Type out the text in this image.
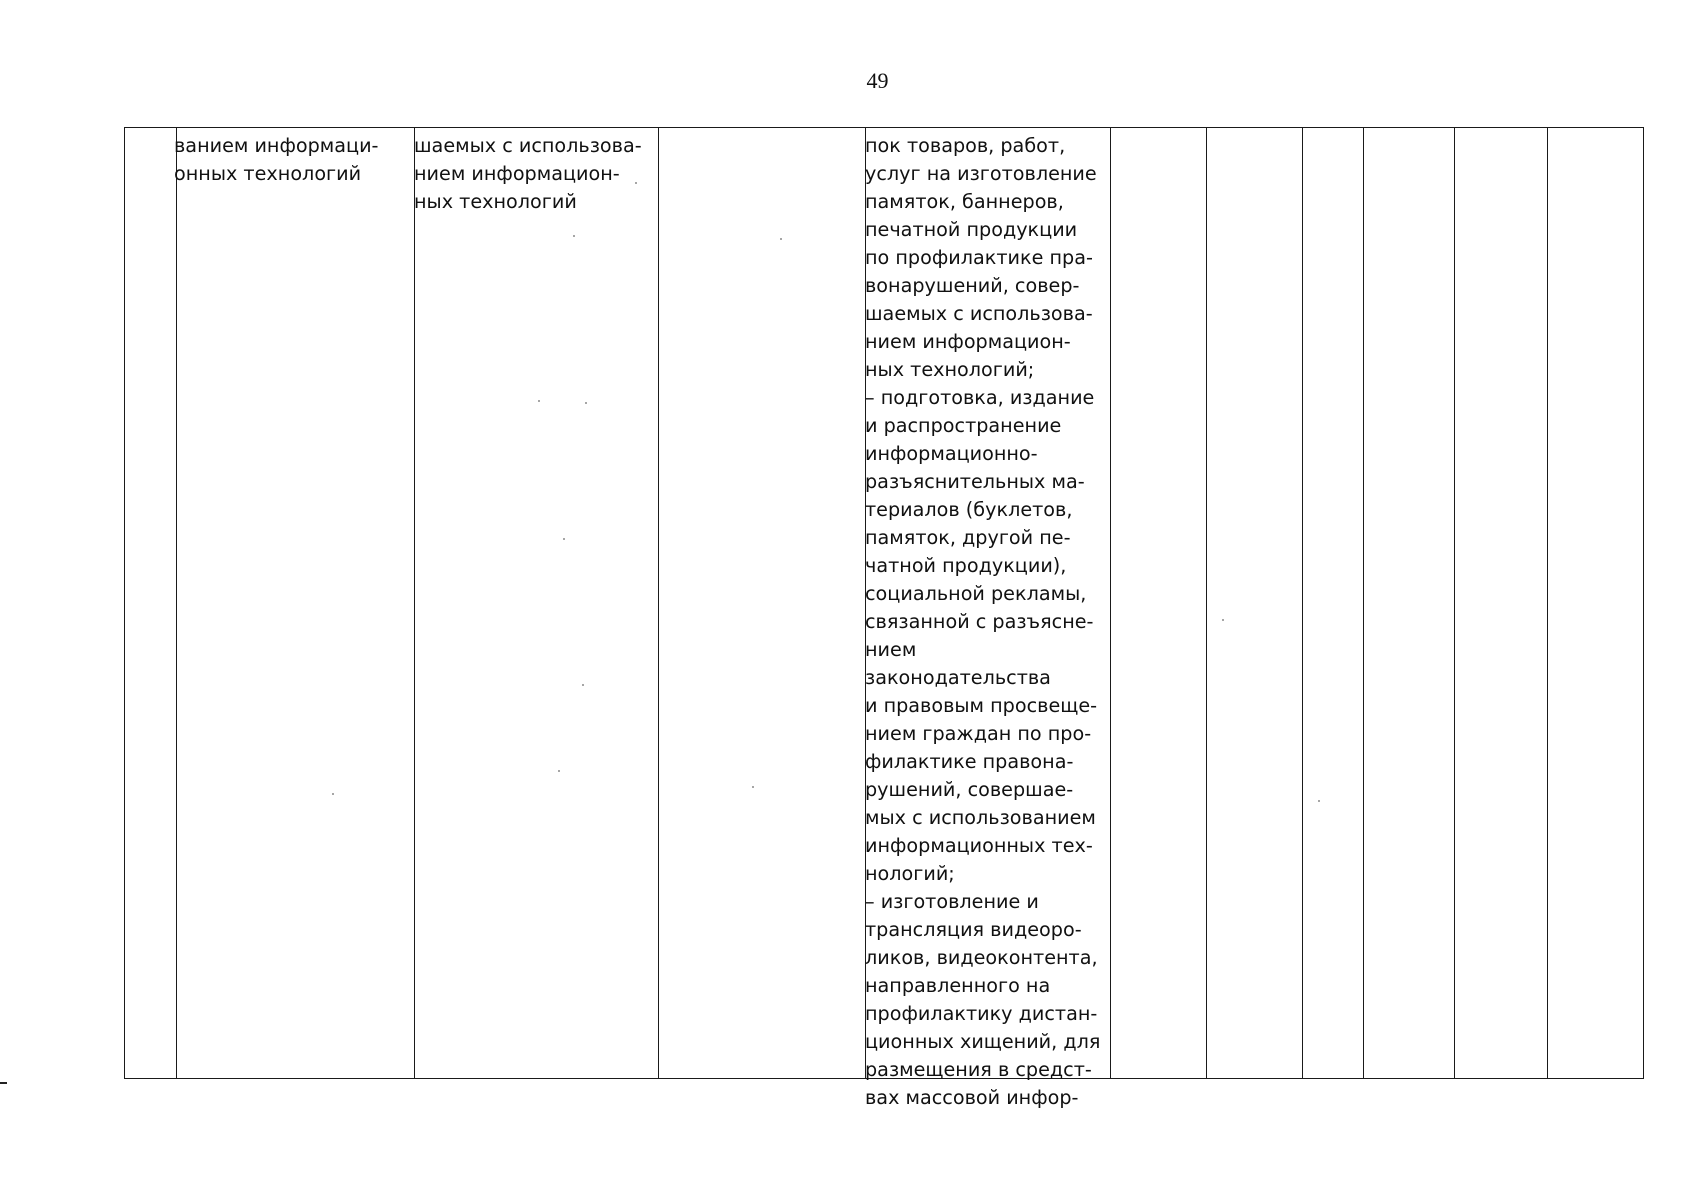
49
ванием информаци-
онных технологий
шаемых с использова-
нием информацион-
ных технологий
пок товаров, работ,
услуг на изготовление
памяток, баннеров,
печатной продукции
по профилактике пра-
вонарушений, совер-
шаемых с использова-
нием информацион-
ных технологий;
– подготовка, издание
и распространение
информационно-
разъяснительных ма-
териалов (буклетов,
памяток, другой пе-
чатной продукции),
социальной рекламы,
связанной с разъясне-
нием законодательства
и правовым просвеще-
нием граждан по про-
филактике правона-
рушений, совершае-
мых с использованием
информационных тех-
нологий;
– изготовление и
трансляция видеоро-
ликов, видеоконтента,
направленного на
профилактику дистан-
ционных хищений, для
размещения в средст-
вах массовой инфор-
